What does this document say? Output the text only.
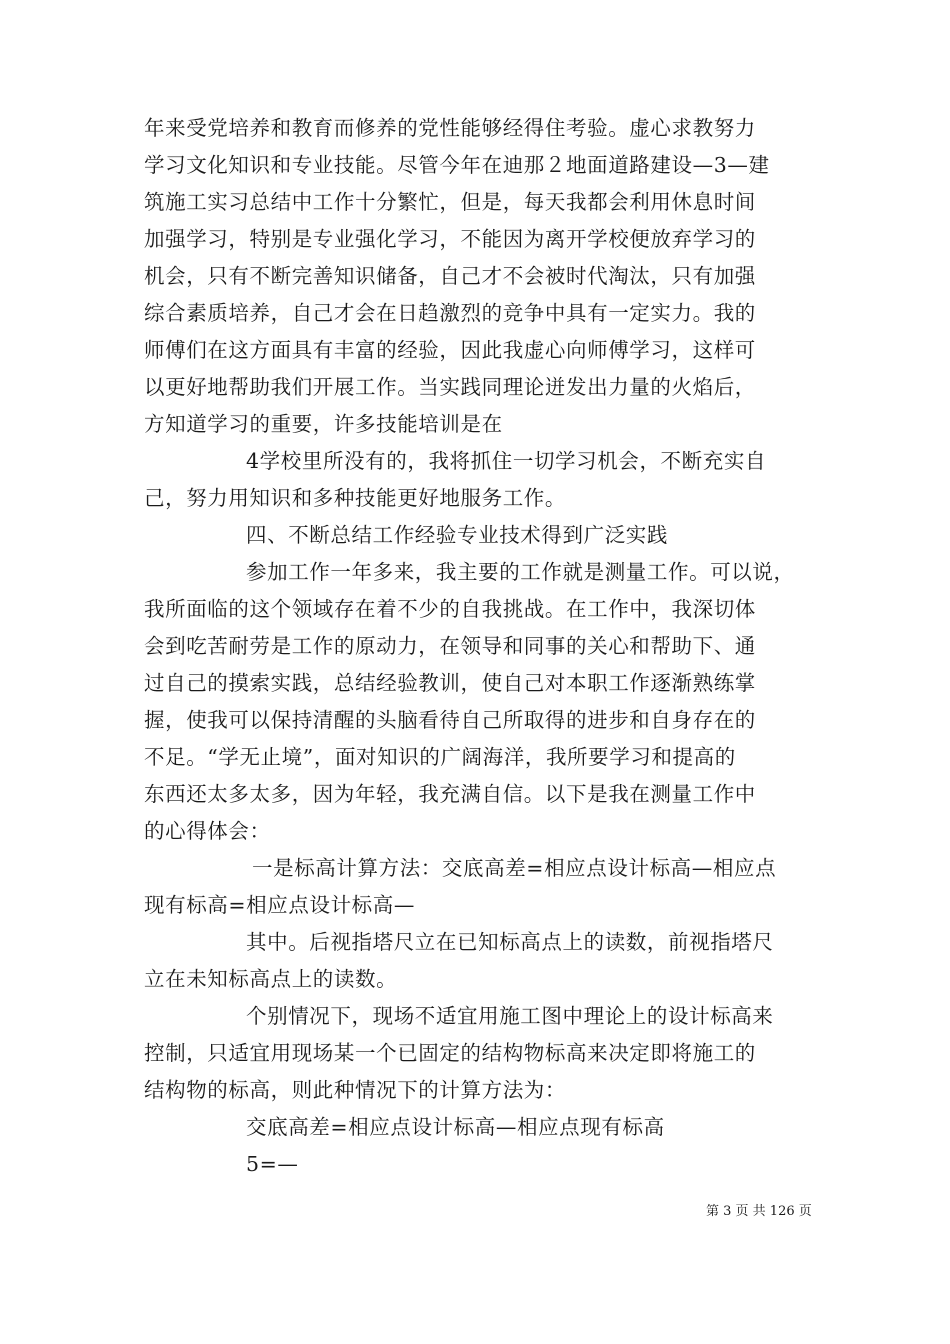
年来受党培养和教育而修养的党性能够经得住考验。虚心求教努力
学习文化知识和专业技能。尽管今年在迪那２地面道路建设—3—建
筑施工实习总结中工作十分繁忙，但是，每天我都会利用休息时间
加强学习，特别是专业强化学习，不能因为离开学校便放弃学习的
机会，只有不断完善知识储备，自己才不会被时代淘汰，只有加强
综合素质培养，自己才会在日趋激烈的竞争中具有一定实力。我的
师傅们在这方面具有丰富的经验，因此我虚心向师傅学习，这样可
以更好地帮助我们开展工作。当实践同理论迸发出力量的火焰后，
方知道学习的重要，许多技能培训是在
4学校里所没有的，我将抓住一切学习机会，不断充实自
己，努力用知识和多种技能更好地服务工作。
四、不断总结工作经验专业技术得到广泛实践
参加工作一年多来，我主要的工作就是测量工作。可以说，
我所面临的这个领域存在着不少的自我挑战。在工作中，我深切体
会到吃苦耐劳是工作的原动力，在领导和同事的关心和帮助下、通
过自己的摸索实践，总结经验教训，使自己对本职工作逐渐熟练掌
握，使我可以保持清醒的头脑看待自己所取得的进步和自身存在的
不足。“学无止境”，面对知识的广阔海洋，我所要学习和提高的
东西还太多太多，因为年轻，我充满自信。以下是我在测量工作中
的心得体会：
一是标高计算方法：交底高差=相应点设计标高—相应点
现有标高=相应点设计标高—
其中。后视指塔尺立在已知标高点上的读数，前视指塔尺
立在未知标高点上的读数。
个别情况下，现场不适宜用施工图中理论上的设计标高来
控制，只适宜用现场某一个已固定的结构物标高来决定即将施工的
结构物的标高，则此种情况下的计算方法为：
交底高差=相应点设计标高—相应点现有标高
5=—
第 3 页 共 126 页
